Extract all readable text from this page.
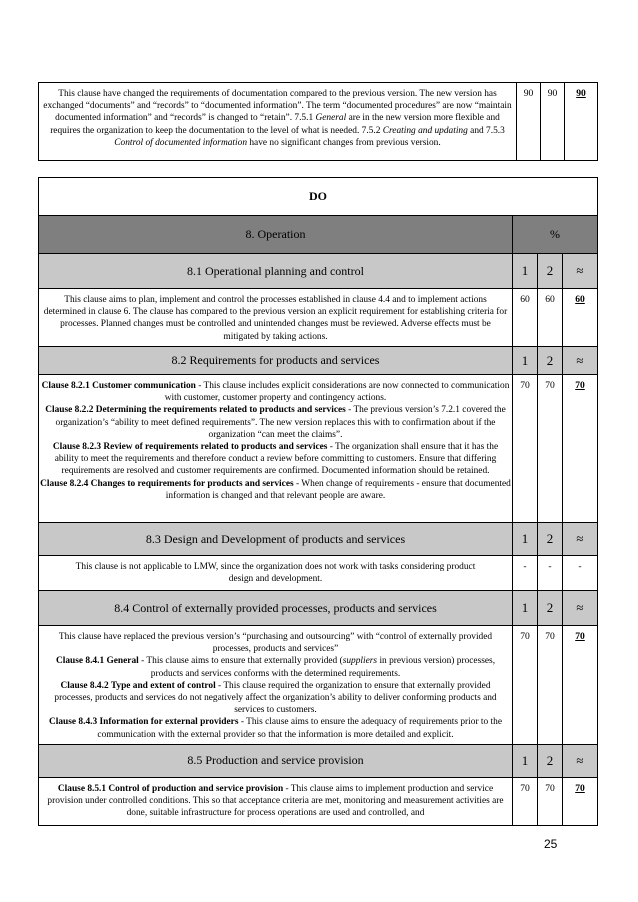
This clause have changed the requirements of documentation compared to the previous version. The new version has exchanged “documents” and “records” to “documented information”. The term “documented procedures” are now “maintain documented information” and “records” is changed to “retain”. 7.5.1 General are in the new version more flexible and requires the organization to keep the documentation to the level of what is needed. 7.5.2 Creating and updating and 7.5.3 Control of documented information have no significant changes from previous version.	90	90	90
DO			
8. Operation	%		
8.1 Operational planning and control	1	2	≈
This clause aims to plan, implement and control the processes established in clause 4.4 and to implement actions determined in clause 6. The clause has compared to the previous version an explicit requirement for establishing criteria for processes. Planned changes must be controlled and unintended changes must be reviewed. Adverse effects must be mitigated by taking actions.	60	60	60
8.2 Requirements for products and services	1	2	≈
Clause 8.2.1 Customer communication - This clause includes explicit considerations are now connected to communication with customer, customer property and contingency actions.
Clause 8.2.2 Determining the requirements related to products and services - The previous version’s 7.2.1 covered the organization’s “ability to meet defined requirements”. The new version replaces this with to confirmation about if the organization “can meet the claims”.
Clause 8.2.3 Review of requirements related to products and services - The organization shall ensure that it has the ability to meet the requirements and therefore conduct a review before committing to customers. Ensure that differing requirements are resolved and customer requirements are confirmed. Documented information should be retained.
Clause 8.2.4 Changes to requirements for products and services - When change of requirements - ensure that documented information is changed and that relevant people are aware.	70	70	70
8.3 Design and Development of products and services	1	2	≈
This clause is not applicable to LMW, since the organization does not work with tasks considering product design and development.	-	-	-
8.4 Control of externally provided processes, products and services	1	2	≈
This clause have replaced the previous version’s “purchasing and outsourcing” with “control of externally provided processes, products and services”
Clause 8.4.1 General - This clause aims to ensure that externally provided (suppliers in previous version) processes, products and services conforms with the determined requirements.
Clause 8.4.2 Type and extent of control - This clause required the organization to ensure that externally provided processes, products and services do not negatively affect the organization’s ability to deliver conforming products and services to customers.
Clause 8.4.3 Information for external providers - This clause aims to ensure the adequacy of requirements prior to the communication with the external provider so that the information is more detailed and explicit.	70	70	70
8.5 Production and service provision	1	2	≈
Clause 8.5.1 Control of production and service provision - This clause aims to implement production and service provision under controlled conditions. This so that acceptance criteria are met, monitoring and measurement activities are done, suitable infrastructure for process operations are used and controlled, and	70	70	70
25
